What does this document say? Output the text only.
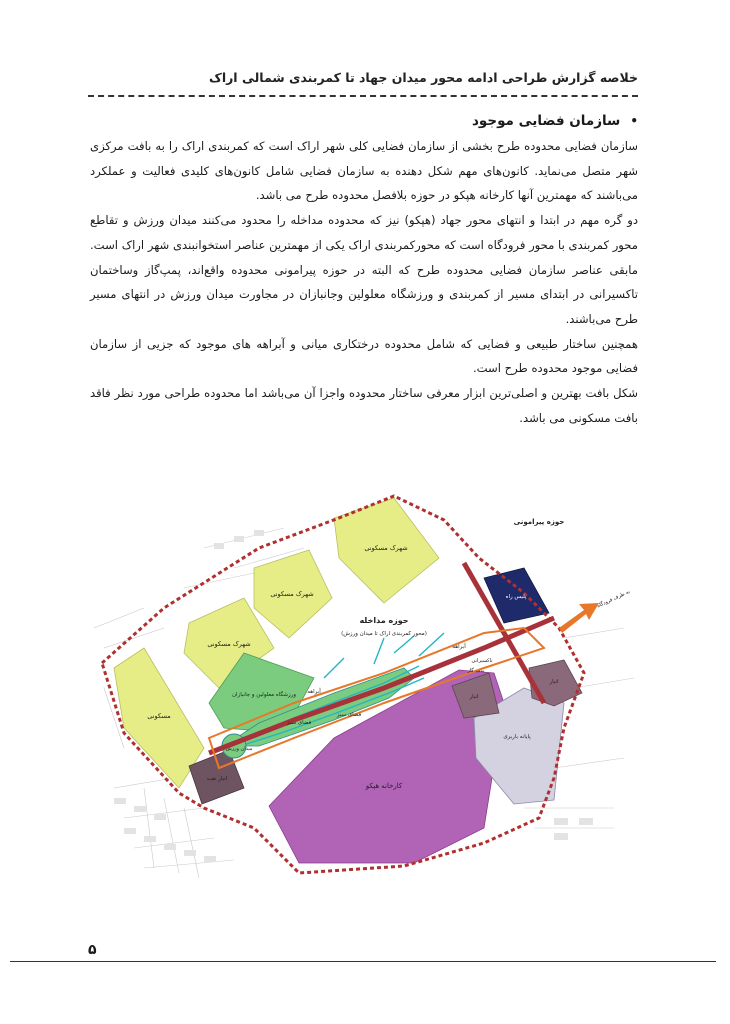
خلاصه گزارش طراحی ادامه محور میدان جهاد تا کمربندی شمالی اراک
•سازمان فضایی موجود

سازمان فضایی محدوده طرح بخشی از سازمان فضایی کلی شهر اراک است که کمربندی اراک را به بافت مرکزی شهر متصل می‌نماید. کانون‌های مهم شکل دهنده به سازمان فضایی شامل کانون‌های کلیدی فعالیت و عملکرد می‌باشند که مهمترین آنها کارخانه هپکو در حوزه بلافصل محدوده طرح می باشد.

دو گره مهم در ابتدا و انتهای محور جهاد (هپکو) نیز که محدوده مداخله را محدود می‌کنند میدان ورزش و تقاطع محور کمربندی با محور فرودگاه است که محورکمربندی اراک یکی از مهمترین عناصر استخوانبندی شهر اراک است. مابقی عناصر سازمان فضایی محدوده طرح که البته در حوزه پیرامونی محدوده واقع‌اند، پمپ‌گاز وساختمان تاکسیرانی در ابتدای مسیر از کمربندی و ورزشگاه معلولین وجانبازان در مجاورت میدان ورزش در انتهای مسیر طرح می‌باشند.

همچنین ساختار طبیعی و فضایی که شامل محدوده درختکاری میانی و آبراهه های موجود که جزیی از سازمان فضایی موجود محدوده طرح است.

شکل بافت بهترین و اصلی‌ترین ابزار معرفی ساختار محدوده واجزا آن می‌باشد اما محدوده طراحی مورد نظر فاقد بافت مسکونی می باشد.

حوزه پیرامونی
حوزه مداخله
(محور کمربندی اراک تا میدان ورزش)
شهرک مسکونی
شهرک مسکونی
شهرک مسکونی
مسکونی
ورزشگاه معلولین و جانبازان
فضای سبز
فضای سبز
آبراهه
آبراهه
میدان ورزش
انبار نفت
کارخانه هپکو
انبار
انبار
پایانه باربری
تاکسیرانی
پمپ گاز
پلیس راه	به طرف فرودگاه
۵
